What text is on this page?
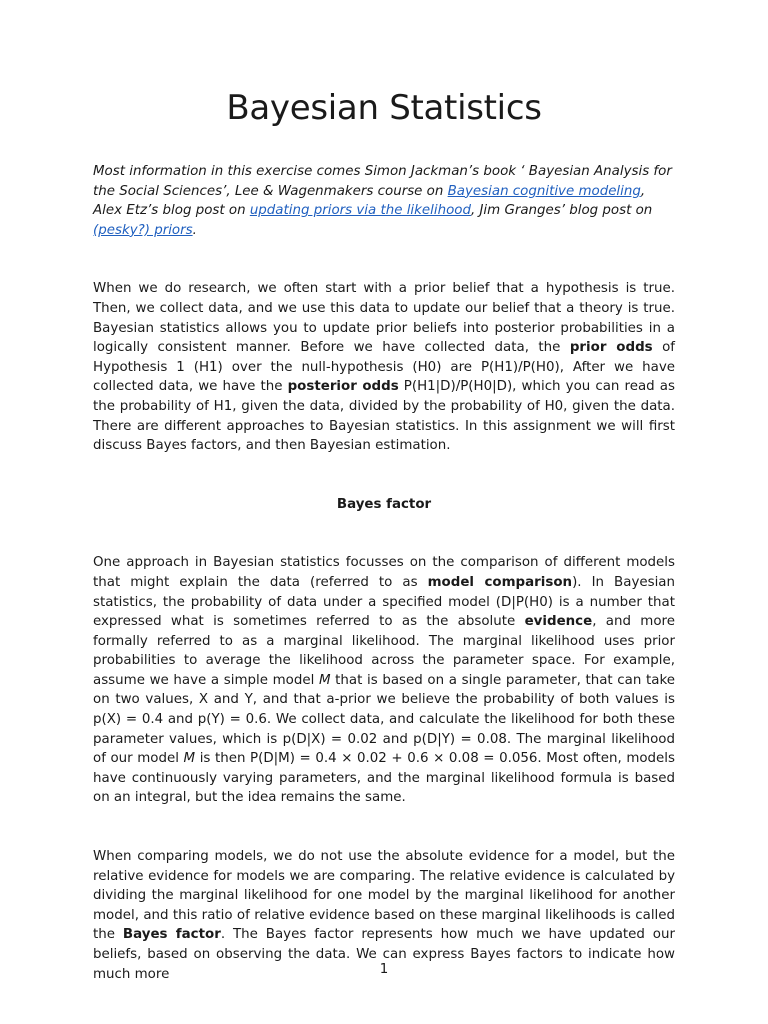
Bayesian Statistics

Most information in this exercise comes Simon Jackman’s book ‘ Bayesian Analysis for the Social Sciences’, Lee & Wagenmakers course on Bayesian cognitive modeling, Alex Etz’s blog post on updating priors via the likelihood, Jim Granges’ blog post on (pesky?) priors.

When we do research, we often start with a prior belief that a hypothesis is true. Then, we collect data, and we use this data to update our belief that a theory is true. Bayesian statistics allows you to update prior beliefs into posterior probabilities in a logically consistent manner. Before we have collected data, the prior odds of Hypothesis 1 (H1) over the null-hypothesis (H0) are P(H1)/P(H0), After we have collected data, we have the posterior odds P(H1|D)/P(H0|D), which you can read as the probability of H1, given the data, divided by the probability of H0, given the data. There are different approaches to Bayesian statistics. In this assignment we will first discuss Bayes factors, and then Bayesian estimation.

Bayes factor

One approach in Bayesian statistics focusses on the comparison of different models that might explain the data (referred to as model comparison). In Bayesian statistics, the probability of data under a specified model (D|P(H0) is a number that expressed what is sometimes referred to as the absolute evidence, and more formally referred to as a marginal likelihood. The marginal likelihood uses prior probabilities to average the likelihood across the parameter space. For example, assume we have a simple model M that is based on a single parameter, that can take on two values, X and Y, and that a-prior we believe the probability of both values is p(X) = 0.4 and p(Y) = 0.6. We collect data, and calculate the likelihood for both these parameter values, which is p(D|X) = 0.02 and p(D|Y) = 0.08. The marginal likelihood of our model M is then P(D|M) = 0.4 × 0.02 + 0.6 × 0.08 = 0.056. Most often, models have continuously varying parameters, and the marginal likelihood formula is based on an integral, but the idea remains the same.

When comparing models, we do not use the absolute evidence for a model, but the relative evidence for models we are comparing. The relative evidence is calculated by dividing the marginal likelihood for one model by the marginal likelihood for another model, and this ratio of relative evidence based on these marginal likelihoods is called the Bayes factor. The Bayes factor represents how much we have updated our beliefs, based on observing the data. We can express Bayes factors to indicate how much more	1
